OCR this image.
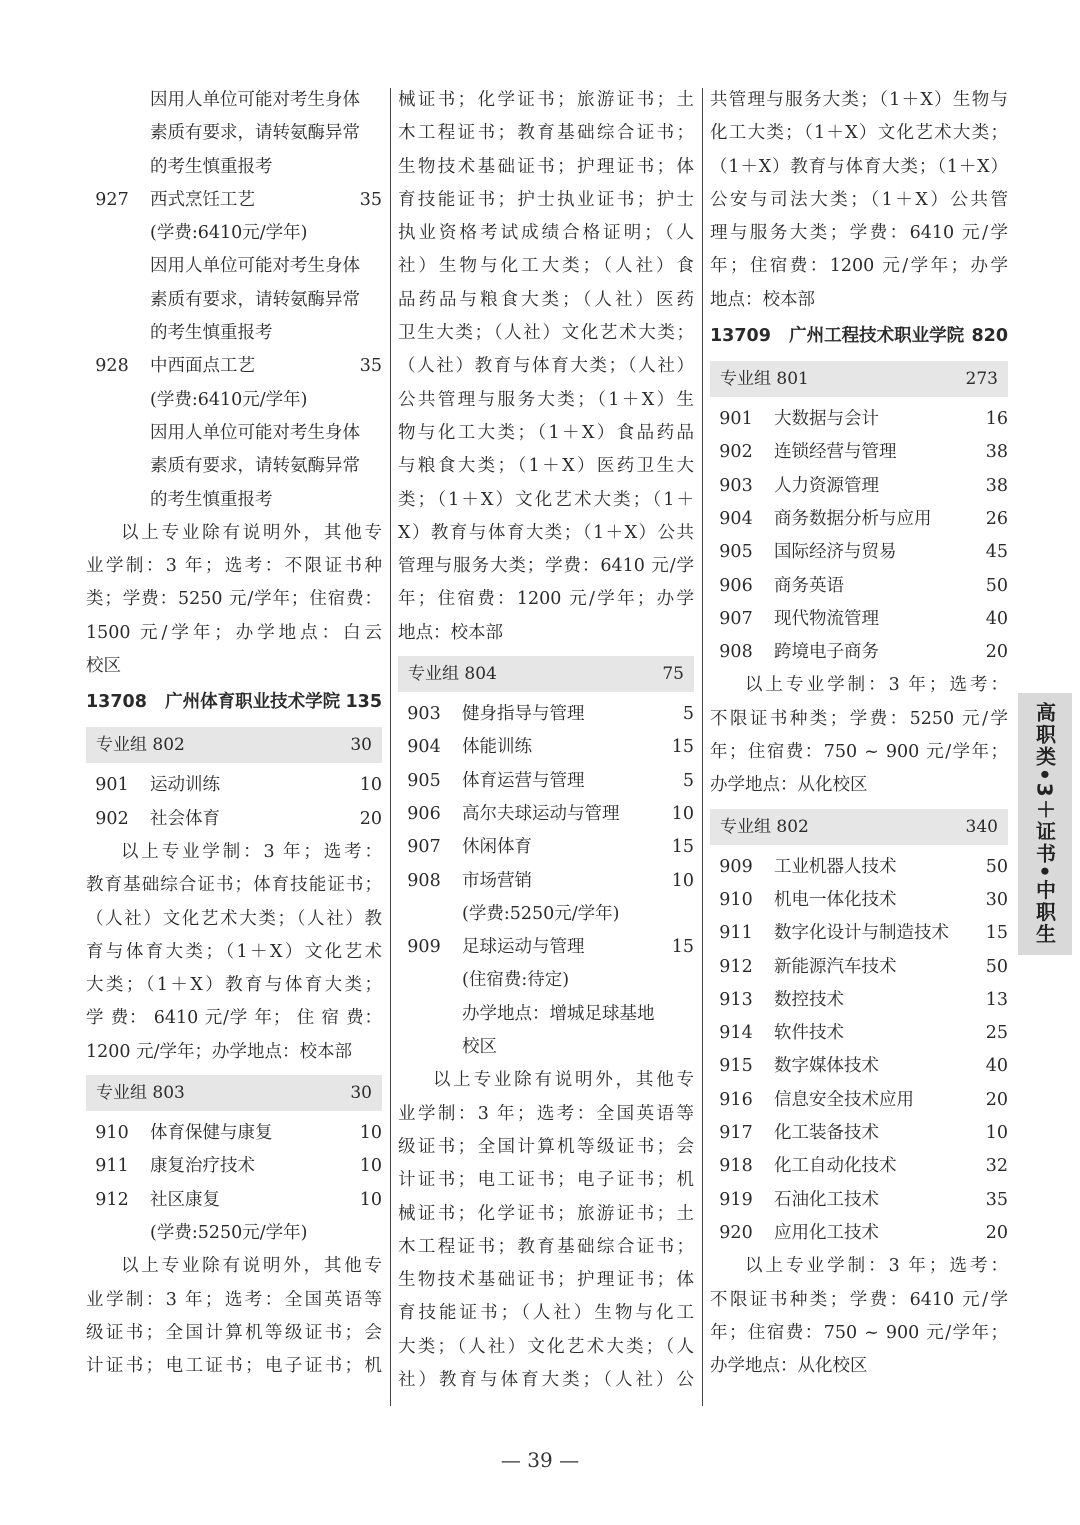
因用人单位可能对考生身体
素质有要求，请转氨酶异常
的考生慎重报考
927	西式烹饪工艺	35
(学费:6410元/学年)
因用人单位可能对考生身体
素质有要求，请转氨酶异常
的考生慎重报考
928	中西面点工艺	35
(学费:6410元/学年)
因用人单位可能对考生身体
素质有要求，请转氨酶异常
的考生慎重报考
以上专业除有说明外，其他专
业学制：3 年；选考：不限证书种
类；学费：5250 元/学年；住宿费：
1500 元/学年；办学地点：白云
校区
13708 广州体育职业技术学院 135
专业组 802	30
901	运动训练	10
902	社会体育	20
以上专业学制：3 年；选考：
教育基础综合证书；体育技能证书；
（人社）文化艺术大类；（人社）教
育与体育大类；（1＋X）文化艺术
大类；（1＋X）教育与体育大类；
学 费： 6410 元/学 年； 住 宿 费：
1200 元/学年；办学地点：校本部
专业组 803	30
910	体育保健与康复	10
911	康复治疗技术	10
912	社区康复	10
(学费:5250元/学年)
以上专业除有说明外，其他专
业学制：3 年；选考：全国英语等
级证书；全国计算机等级证书；会
计证书；电工证书；电子证书；机
械证书；化学证书；旅游证书；土
木工程证书；教育基础综合证书；
生物技术基础证书；护理证书；体
育技能证书；护士执业证书；护士
执业资格考试成绩合格证明；（人
社）生物与化工大类；（人社）食
品药品与粮食大类；（人社）医药
卫生大类；（人社）文化艺术大类；
（人社）教育与体育大类；（人社）
公共管理与服务大类；（1＋X）生
物与化工大类；（1＋X）食品药品
与粮食大类；（1＋X）医药卫生大
类；（1＋X）文化艺术大类；（1＋
X）教育与体育大类；（1＋X）公共
管理与服务大类；学费：6410 元/学
年；住宿费：1200 元/学年；办学
地点：校本部
专业组 804	75
903	健身指导与管理	5
904	体能训练	15
905	体育运营与管理	5
906	高尔夫球运动与管理	10
907	休闲体育	15
908	市场营销	10
(学费:5250元/学年)
909	足球运动与管理	15
(住宿费:待定)
办学地点：增城足球基地
校区
以上专业除有说明外，其他专
业学制：3 年；选考：全国英语等
级证书；全国计算机等级证书；会
计证书；电工证书；电子证书；机
械证书；化学证书；旅游证书；土
木工程证书；教育基础综合证书；
生物技术基础证书；护理证书；体
育技能证书；（人社）生物与化工
大类；（人社）文化艺术大类；（人
社）教育与体育大类；（人社）公
共管理与服务大类；（1＋X）生物与
化工大类；（1＋X）文化艺术大类；
（1＋X）教育与体育大类；（1＋X）
公安与司法大类；（1＋X）公共管
理与服务大类；学费：6410 元/学
年；住宿费：1200 元/学年；办学
地点：校本部
13709 广州工程技术职业学院 820
专业组 801	273
901	大数据与会计	16
902	连锁经营与管理	38
903	人力资源管理	38
904	商务数据分析与应用	26
905	国际经济与贸易	45
906	商务英语	50
907	现代物流管理	40
908	跨境电子商务	20
以上专业学制：3 年；选考：
不限证书种类；学费：5250 元/学
年；住宿费：750 ~ 900 元/学年；
办学地点：从化校区
专业组 802	340
909	工业机器人技术	50
910	机电一体化技术	30
911	数字化设计与制造技术	15
912	新能源汽车技术	50
913	数控技术	13
914	软件技术	25
915	数字媒体技术	40
916	信息安全技术应用	20
917	化工装备技术	10
918	化工自动化技术	32
919	石油化工技术	35
920	应用化工技术	20
以上专业学制：3 年；选考：
不限证书种类；学费：6410 元/学
年；住宿费：750 ~ 900 元/学年；
办学地点：从化校区
高职类•3＋证书•中职生
— 39 —
